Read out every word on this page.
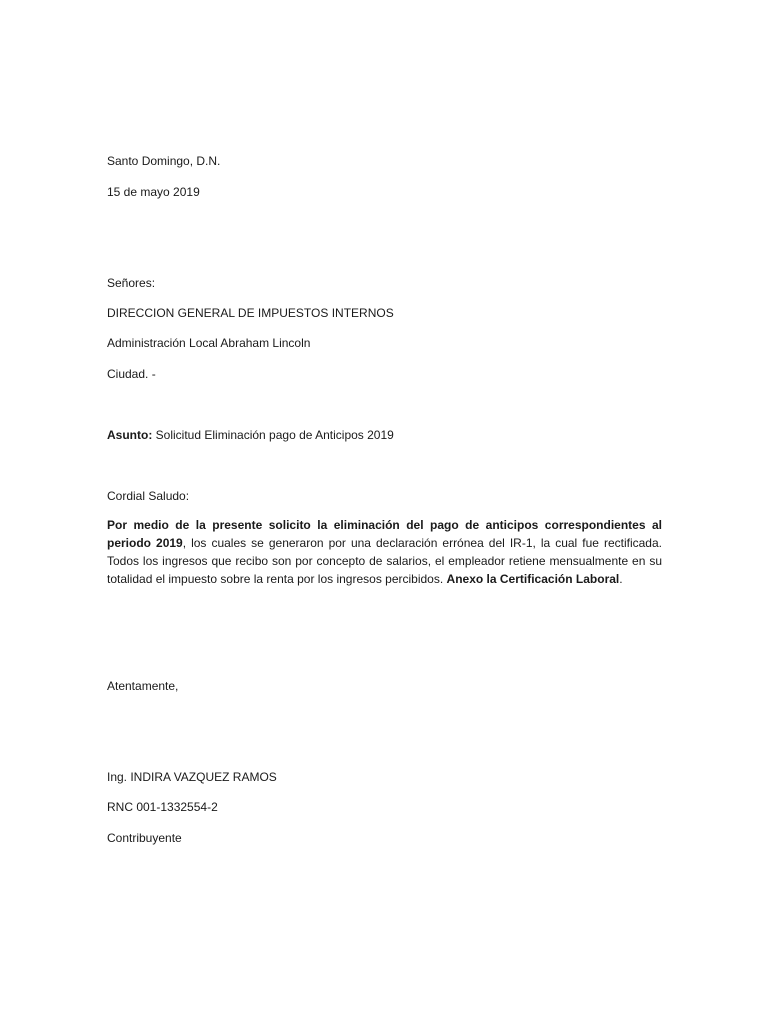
Santo Domingo, D.N.

15 de mayo 2019

Señores:

DIRECCION GENERAL DE IMPUESTOS INTERNOS

Administración Local Abraham Lincoln

Ciudad. -

Asunto: Solicitud Eliminación pago de Anticipos 2019

Cordial Saludo:

Por medio de la presente solicito la eliminación del pago de anticipos correspondientes al periodo 2019, los cuales se generaron por una declaración errónea del IR-1, la cual fue rectificada. Todos los ingresos que recibo son por concepto de salarios, el empleador retiene mensualmente en su totalidad el impuesto sobre la renta por los ingresos percibidos. Anexo la Certificación Laboral.

Atentamente,

Ing. INDIRA VAZQUEZ RAMOS

RNC 001-1332554-2

Contribuyente
